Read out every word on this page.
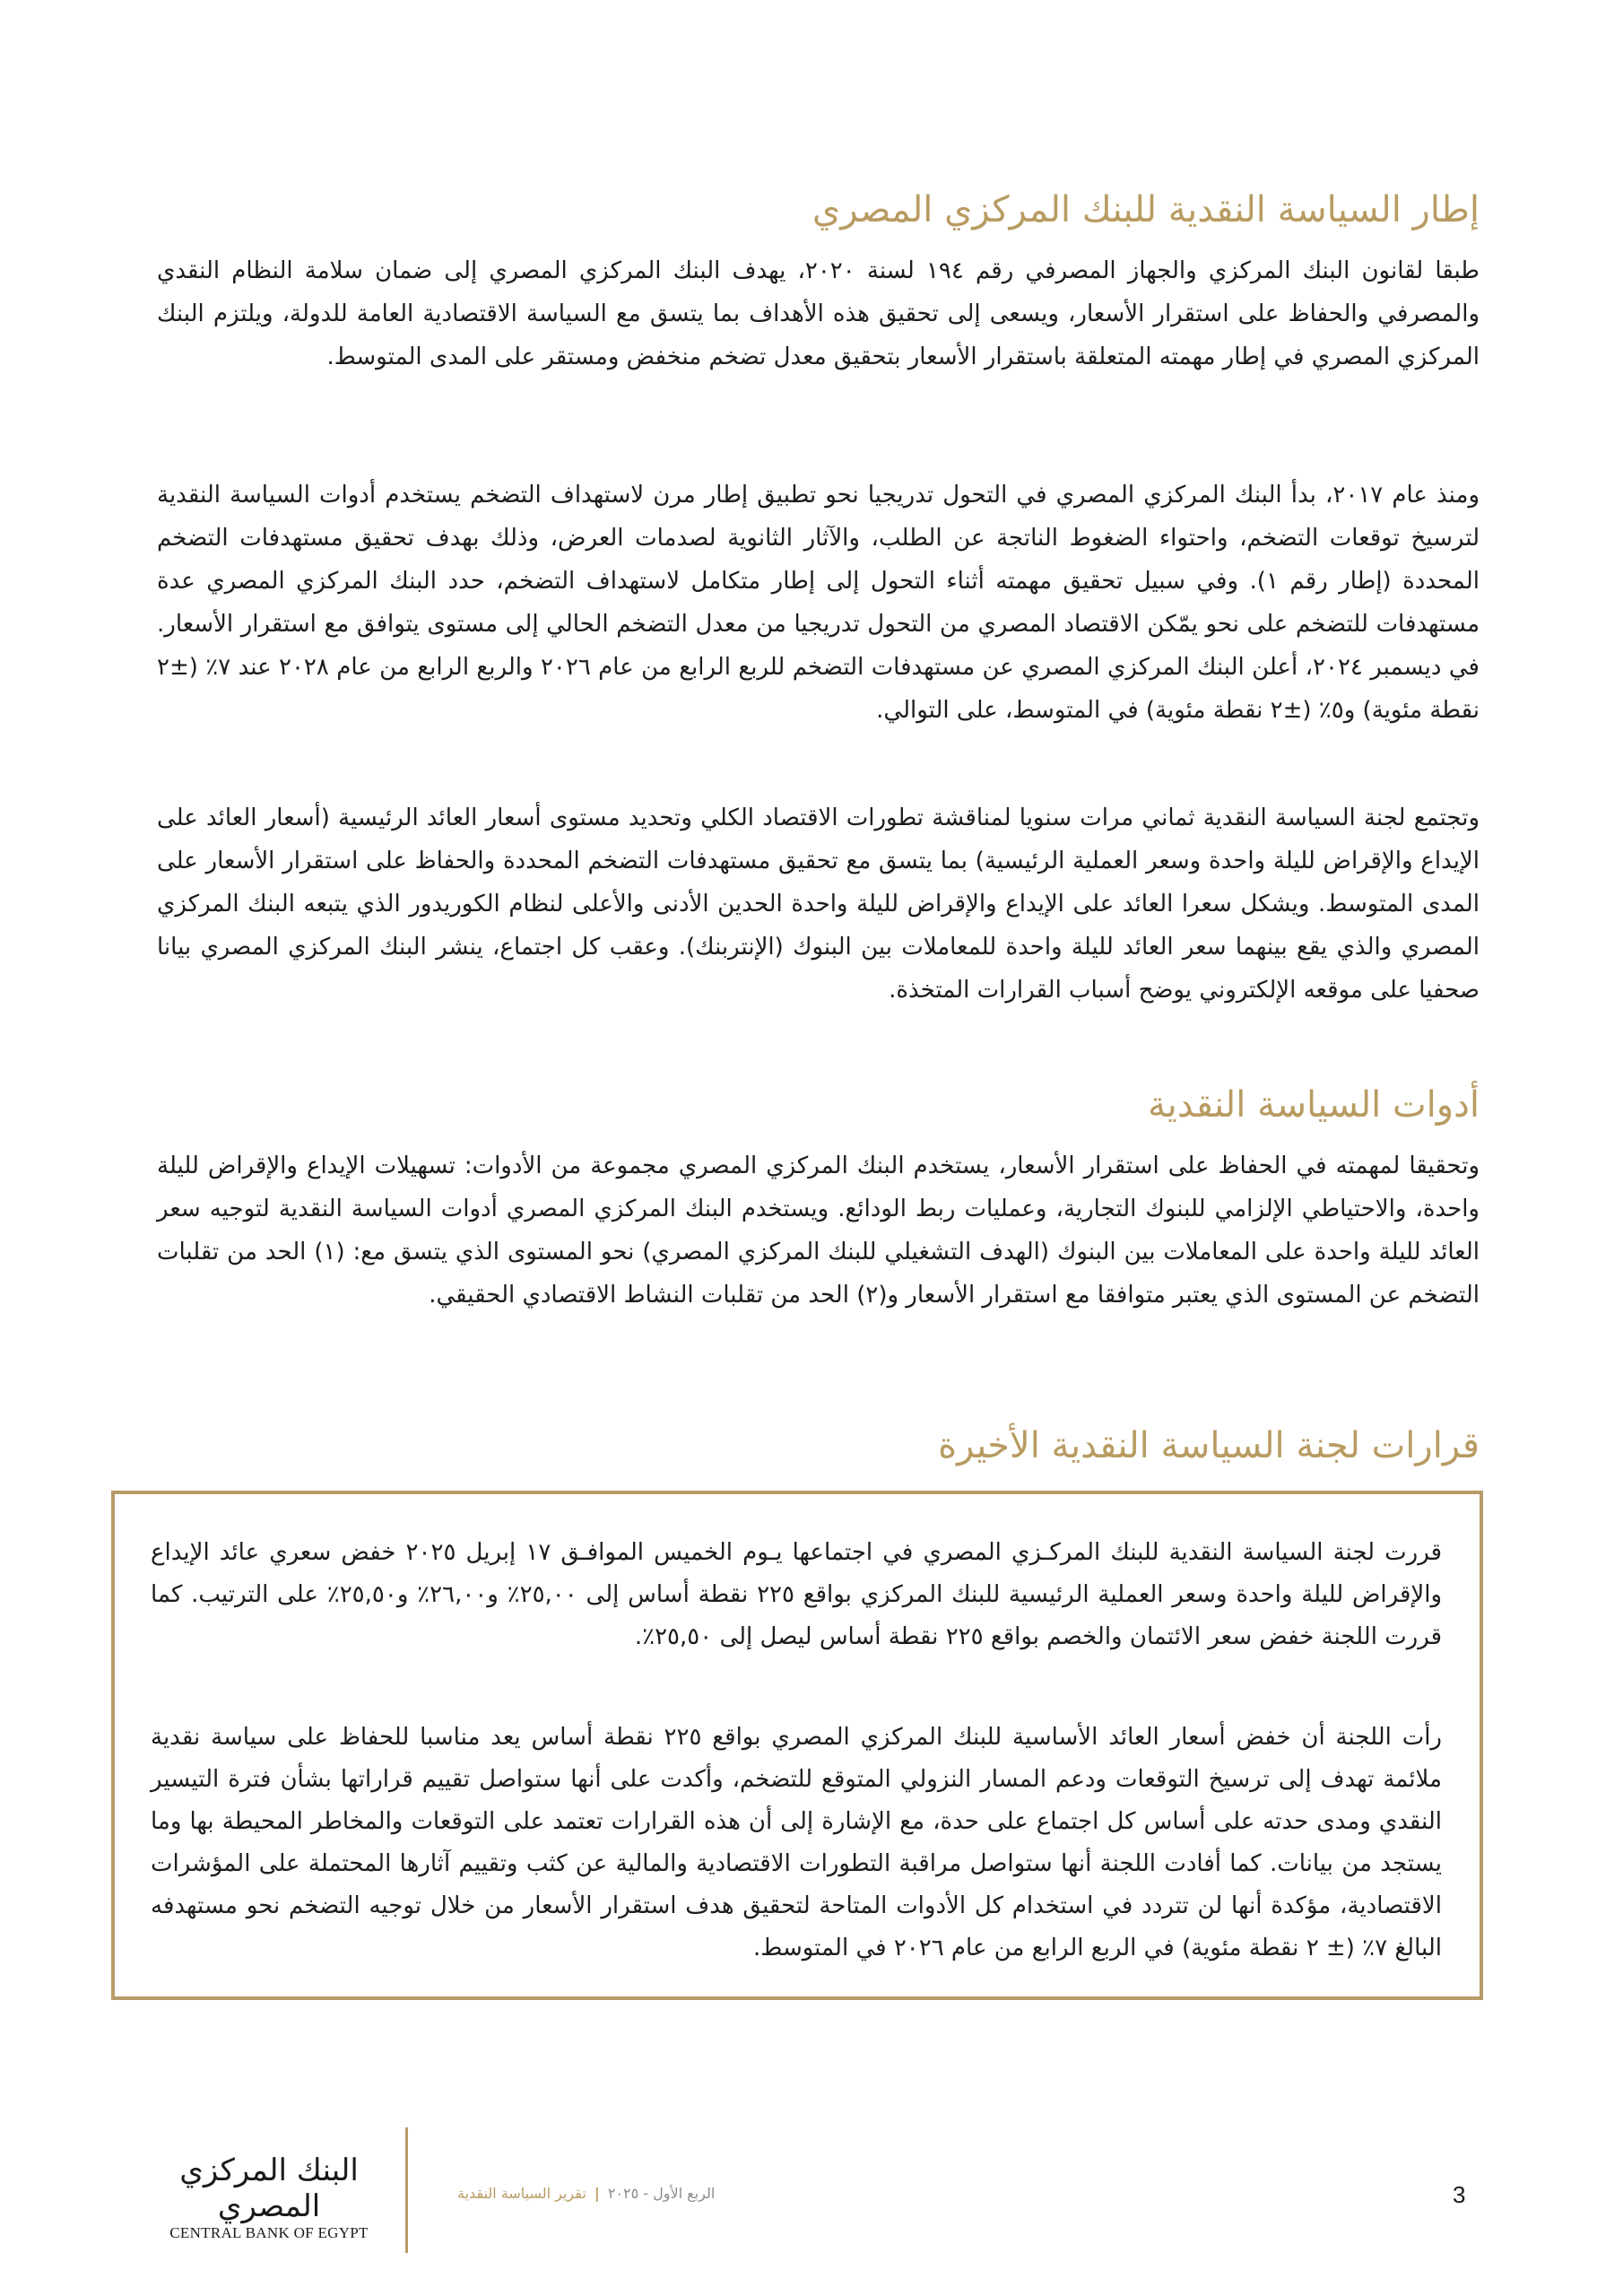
إطار السياسة النقدية للبنك المركزي المصري

طبقا لقانون البنك المركزي والجهاز المصرفي رقم ١٩٤ لسنة ٢٠٢٠، يهدف البنك المركزي المصري إلى ضمان سلامة النظام النقدي والمصرفي والحفاظ على استقرار الأسعار، ويسعى إلى تحقيق هذه الأهداف بما يتسق مع السياسة الاقتصادية العامة للدولة، ويلتزم البنك المركزي المصري في إطار مهمته المتعلقة باستقرار الأسعار بتحقيق معدل تضخم منخفض ومستقر على المدى المتوسط.

ومنذ عام ٢٠١٧، بدأ البنك المركزي المصري في التحول تدريجيا نحو تطبيق إطار مرن لاستهداف التضخم يستخدم أدوات السياسة النقدية لترسيخ توقعات التضخم، واحتواء الضغوط الناتجة عن الطلب، والآثار الثانوية لصدمات العرض، وذلك بهدف تحقيق مستهدفات التضخم المحددة (إطار رقم ١). وفي سبيل تحقيق مهمته أثناء التحول إلى إطار متكامل لاستهداف التضخم، حدد البنك المركزي المصري عدة مستهدفات للتضخم على نحو يمّكن الاقتصاد المصري من التحول تدريجيا من معدل التضخم الحالي إلى مستوى يتوافق مع استقرار الأسعار. في ديسمبر ٢٠٢٤، أعلن البنك المركزي المصري عن مستهدفات التضخم للربع الرابع من عام ٢٠٢٦ والربع الرابع من عام ٢٠٢٨ عند ٧٪ (±٢ نقطة مئوية) و٥٪ (±٢ نقطة مئوية) في المتوسط، على التوالي.

وتجتمع لجنة السياسة النقدية ثماني مرات سنويا لمناقشة تطورات الاقتصاد الكلي وتحديد مستوى أسعار العائد الرئيسية (أسعار العائد على الإيداع والإقراض لليلة واحدة وسعر العملية الرئيسية) بما يتسق مع تحقيق مستهدفات التضخم المحددة والحفاظ على استقرار الأسعار على المدى المتوسط. ويشكل سعرا العائد على الإيداع والإقراض لليلة واحدة الحدين الأدنى والأعلى لنظام الكوريدور الذي يتبعه البنك المركزي المصري والذي يقع بينهما سعر العائد لليلة واحدة للمعاملات بين البنوك (الإنتربنك). وعقب كل اجتماع، ينشر البنك المركزي المصري بيانا صحفيا على موقعه الإلكتروني يوضح أسباب القرارات المتخذة.

أدوات السياسة النقدية

وتحقيقا لمهمته في الحفاظ على استقرار الأسعار، يستخدم البنك المركزي المصري مجموعة من الأدوات: تسهيلات الإيداع والإقراض لليلة واحدة، والاحتياطي الإلزامي للبنوك التجارية، وعمليات ربط الودائع. ويستخدم البنك المركزي المصري أدوات السياسة النقدية لتوجيه سعر العائد لليلة واحدة على المعاملات بين البنوك (الهدف التشغيلي للبنك المركزي المصري) نحو المستوى الذي يتسق مع: (١) الحد من تقلبات التضخم عن المستوى الذي يعتبر متوافقا مع استقرار الأسعار و(٢) الحد من تقلبات النشاط الاقتصادي الحقيقي.

قرارات لجنة السياسة النقدية الأخيرة

قررت لجنة السياسة النقدية للبنك المركـزي المصري في اجتماعها يـوم الخميس الموافـق ١٧ إبريل ٢٠٢٥ خفض سعري عائد الإيداع والإقراض لليلة واحدة وسعر العملية الرئيسية للبنك المركزي بواقع ٢٢٥ نقطة أساس إلى ٢٥,٠٠٪ و٢٦,٠٠٪ و٢٥,٥٠٪ على الترتيب. كما قررت اللجنة خفض سعر الائتمان والخصم بواقع ٢٢٥ نقطة أساس ليصل إلى ٢٥,٥٠٪.

رأت اللجنة أن خفض أسعار العائد الأساسية للبنك المركزي المصري بواقع ٢٢٥ نقطة أساس يعد مناسبا للحفاظ على سياسة نقدية ملائمة تهدف إلى ترسيخ التوقعات ودعم المسار النزولي المتوقع للتضخم، وأكدت على أنها ستواصل تقييم قراراتها بشأن فترة التيسير النقدي ومدى حدته على أساس كل اجتماع على حدة، مع الإشارة إلى أن هذه القرارات تعتمد على التوقعات والمخاطر المحيطة بها وما يستجد من بيانات. كما أفادت اللجنة أنها ستواصل مراقبة التطورات الاقتصادية والمالية عن كثب وتقييم آثارها المحتملة على المؤشرات الاقتصادية، مؤكدة أنها لن تتردد في استخدام كل الأدوات المتاحة لتحقيق هدف استقرار الأسعار من خلال توجيه التضخم نحو مستهدفه البالغ ٧٪ (± ٢ نقطة مئوية) في الربع الرابع من عام ٢٠٢٦ في المتوسط.

البنك المركزي المصري
CENTRAL BANK OF EGYPT
الربع الأول - ٢٠٢٥ | تقرير السياسة النقدية	3
